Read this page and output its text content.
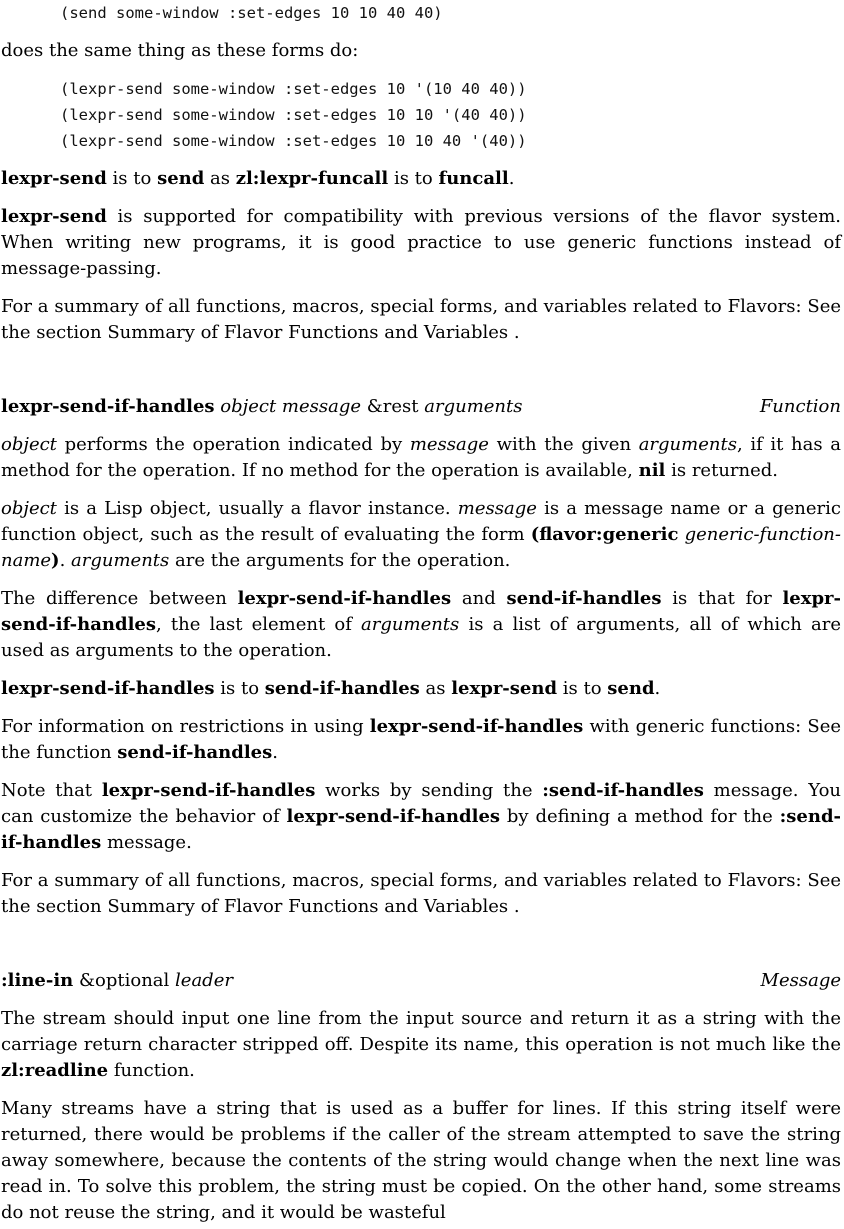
(send some-window :set-edges 10 10 40 40)

does the same thing as these forms do:

(lexpr-send some-window :set-edges 10 '(10 40 40))
(lexpr-send some-window :set-edges 10 10 '(40 40))
(lexpr-send some-window :set-edges 10 10 40 '(40))

lexpr-send is to send as zl:lexpr-funcall is to funcall.

lexpr-send is supported for compatibility with previous versions of the flavor system. When writing new programs, it is good practice to use generic functions instead of message-passing.

For a summary of all functions, macros, special forms, and variables related to Flavors: See the section Summary of Flavor Functions and Variables .

lexpr-send-if-handles object message &rest arguments	Function

object performs the operation indicated by message with the given arguments, if it has a method for the operation. If no method for the operation is available, nil is returned.

object is a Lisp object, usually a flavor instance. message is a message name or a generic function object, such as the result of evaluating the form (flavor:generic generic-function-name). arguments are the arguments for the operation.

The difference between lexpr-send-if-handles and send-if-handles is that for lexpr-send-if-handles, the last element of arguments is a list of arguments, all of which are used as arguments to the operation.

lexpr-send-if-handles is to send-if-handles as lexpr-send is to send.

For information on restrictions in using lexpr-send-if-handles with generic functions: See the function send-if-handles.

Note that lexpr-send-if-handles works by sending the :send-if-handles message. You can customize the behavior of lexpr-send-if-handles by defining a method for the :send-if-handles message.

For a summary of all functions, macros, special forms, and variables related to Flavors: See the section Summary of Flavor Functions and Variables .

:line-in &optional leader	Message

The stream should input one line from the input source and return it as a string with the carriage return character stripped off. Despite its name, this operation is not much like the zl:readline function.

Many streams have a string that is used as a buffer for lines. If this string itself were returned, there would be problems if the caller of the stream attempted to save the string away somewhere, because the contents of the string would change when the next line was read in. To solve this problem, the string must be copied. On the other hand, some streams do not reuse the string, and it would be wasteful
